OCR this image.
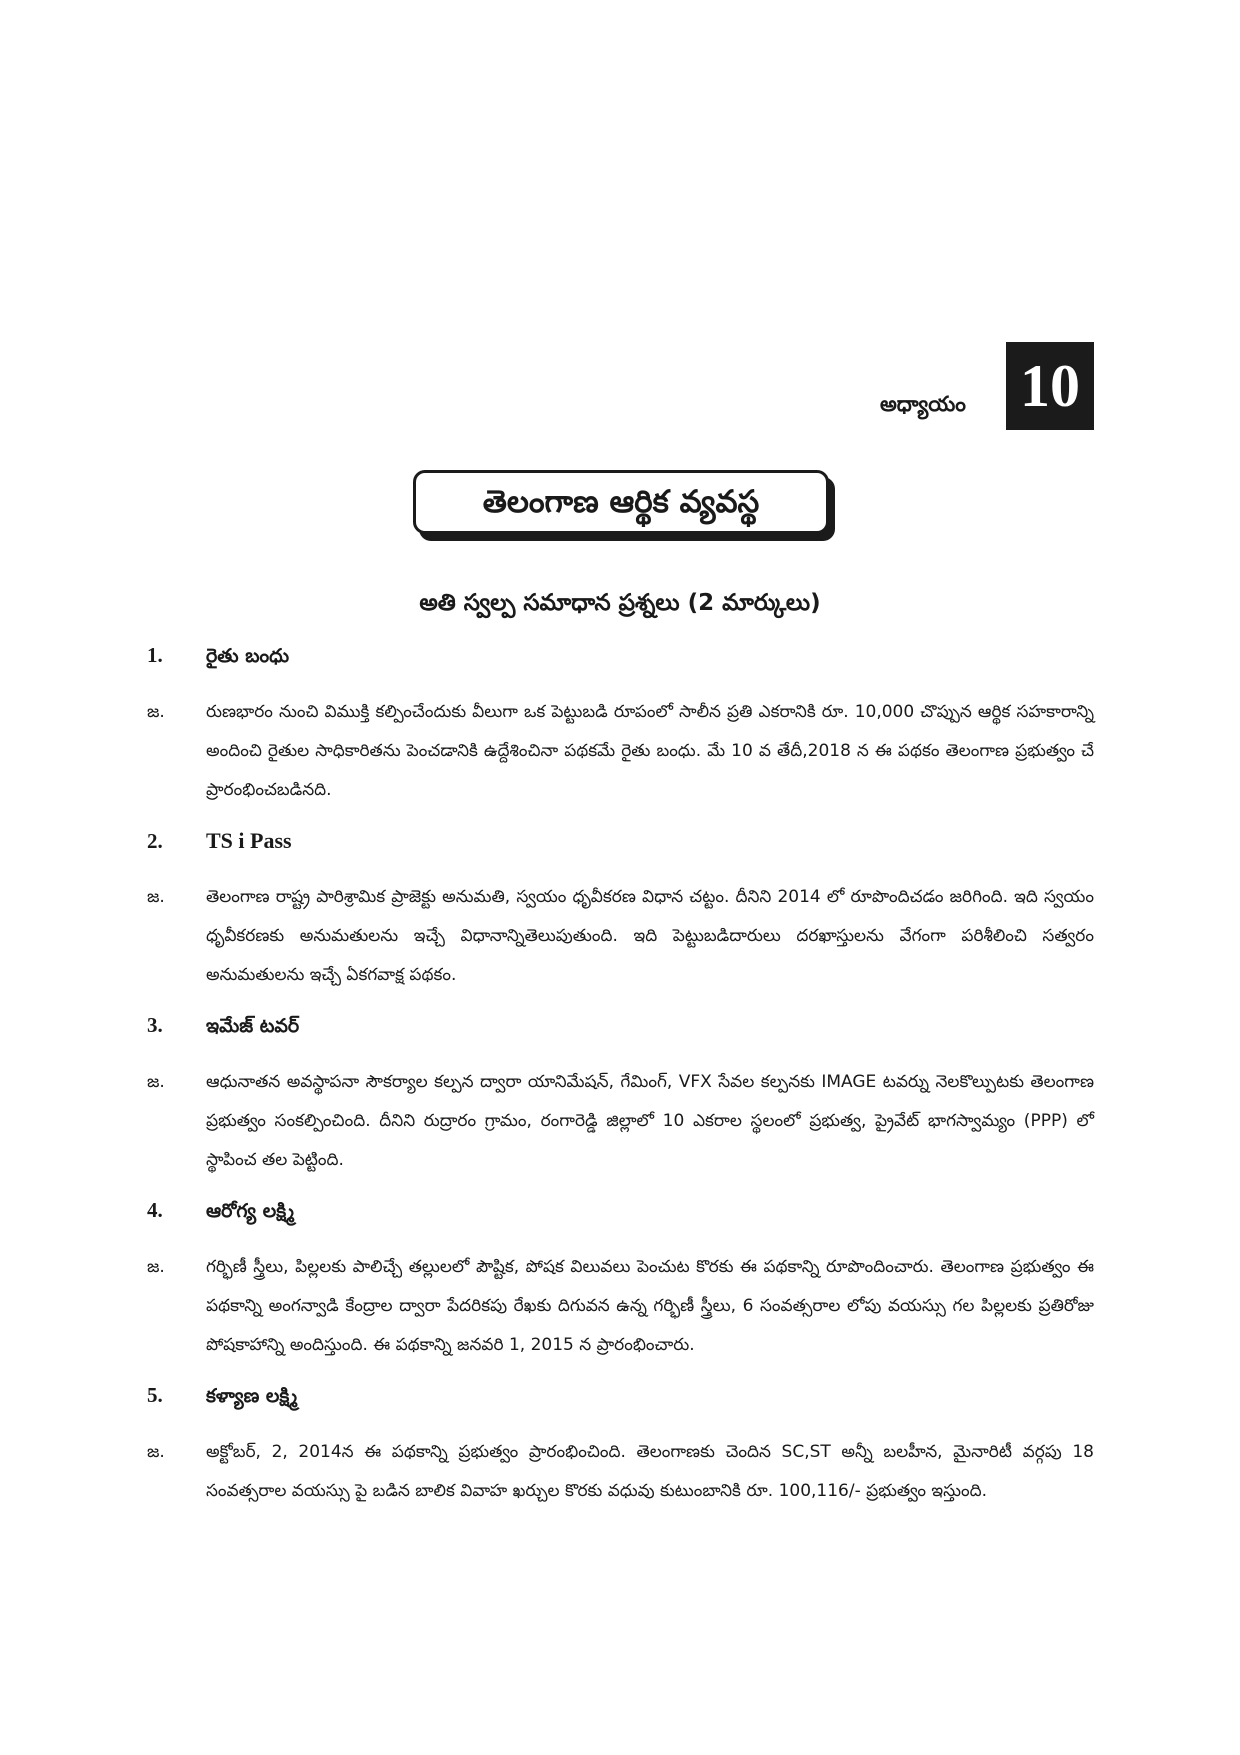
అధ్యాయం 10
తెలంగాణ ఆర్థిక వ్యవస్థ
అతి స్వల్ప సమాధాన ప్రశ్నలు (2 మార్కులు)
1.	రైతు బంధు
జ.	రుణభారం నుంచి విముక్తి కల్పించేందుకు వీలుగా ఒక పెట్టుబడి రూపంలో సాలీన ప్రతి ఎకరానికి రూ. 10,000 చొప్పున ఆర్థిక సహకారాన్ని అందించి రైతుల సాధికారితను పెంచడానికి ఉద్దేశించినా పథకమే రైతు బంధు. మే 10 వ తేదీ,2018 న ఈ పథకం తెలంగాణ ప్రభుత్వం చే ప్రారంభించబడినది.
2.	TS i Pass
జ.	తెలంగాణ రాష్ట్ర పారిశ్రామిక ప్రాజెక్టు అనుమతి, స్వయం ధృవీకరణ విధాన చట్టం. దీనిని 2014 లో రూపొందిచడం జరిగింది. ఇది స్వయం ధృవీకరణకు అనుమతులను ఇచ్చే విధానాన్నితెలుపుతుంది. ఇది పెట్టుబడిదారులు దరఖాస్తులను వేగంగా పరిశీలించి సత్వరం అనుమతులను ఇచ్చే ఏకగవాక్ష పథకం.
3.	ఇమేజ్ టవర్
జ.	ఆధునాతన అవస్థాపనా సౌకర్యాల కల్పన ద్వారా యానిమేషన్, గేమింగ్, VFX సేవల కల్పనకు IMAGE టవర్ను నెలకొల్పుటకు తెలంగాణ ప్రభుత్వం సంకల్పించింది. దీనిని రుద్రారం గ్రామం, రంగారెడ్డి జిల్లాలో 10 ఎకరాల స్థలంలో ప్రభుత్వ, ప్రైవేట్ భాగస్వామ్యం (PPP) లో స్థాపించ తల పెట్టింది.
4.	ఆరోగ్య లక్ష్మి
జ.	గర్భిణీ స్త్రీలు, పిల్లలకు పాలిచ్చే తల్లులలో పౌష్టిక, పోషక విలువలు పెంచుట కొరకు ఈ పథకాన్ని రూపొందించారు. తెలంగాణ ప్రభుత్వం ఈ పథకాన్ని అంగన్వాడి కేంద్రాల ద్వారా పేదరికపు రేఖకు దిగువన ఉన్న గర్భిణీ స్త్రీలు, 6 సంవత్సరాల లోపు వయస్సు గల పిల్లలకు ప్రతిరోజు పోషకాహాన్ని అందిస్తుంది. ఈ పథకాన్ని జనవరి 1, 2015 న ప్రారంభించారు.
5.	కళ్యాణ లక్ష్మి
జ.	అక్టోబర్, 2, 2014న ఈ పథకాన్ని ప్రభుత్వం ప్రారంభించింది. తెలంగాణకు చెందిన SC,ST అన్నీ బలహీన, మైనారిటీ వర్గపు 18 సంవత్సరాల వయస్సు పై బడిన బాలిక వివాహ ఖర్చుల కొరకు వధువు కుటుంబానికి రూ. 100,116/- ప్రభుత్వం ఇస్తుంది.
